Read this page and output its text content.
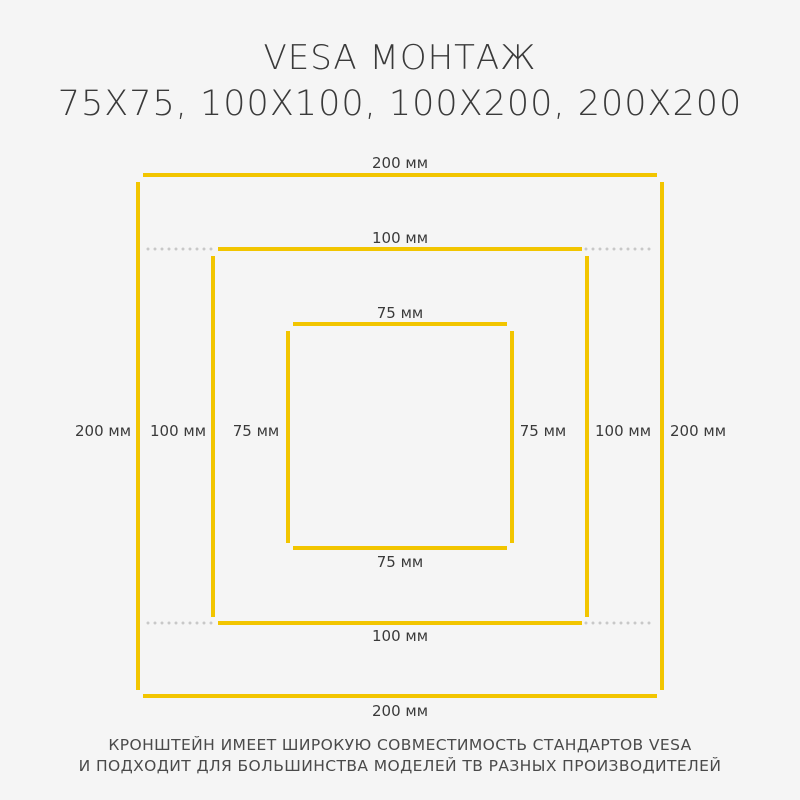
VESA МОНТАЖ
75X75, 100X100, 100X200, 200X200
200 мм
200 мм
200 мм	200 мм
100 мм
100 мм
100 мм	100 мм
75 мм
75 мм
75 мм	75 мм
КРОНШТЕЙН ИМЕЕТ ШИРОКУЮ СОВМЕСТИМОСТЬ СТАНДАРТОВ VESA
И ПОДХОДИТ ДЛЯ БОЛЬШИНСТВА МОДЕЛЕЙ ТВ РАЗНЫХ ПРОИЗВОДИТЕЛЕЙ
